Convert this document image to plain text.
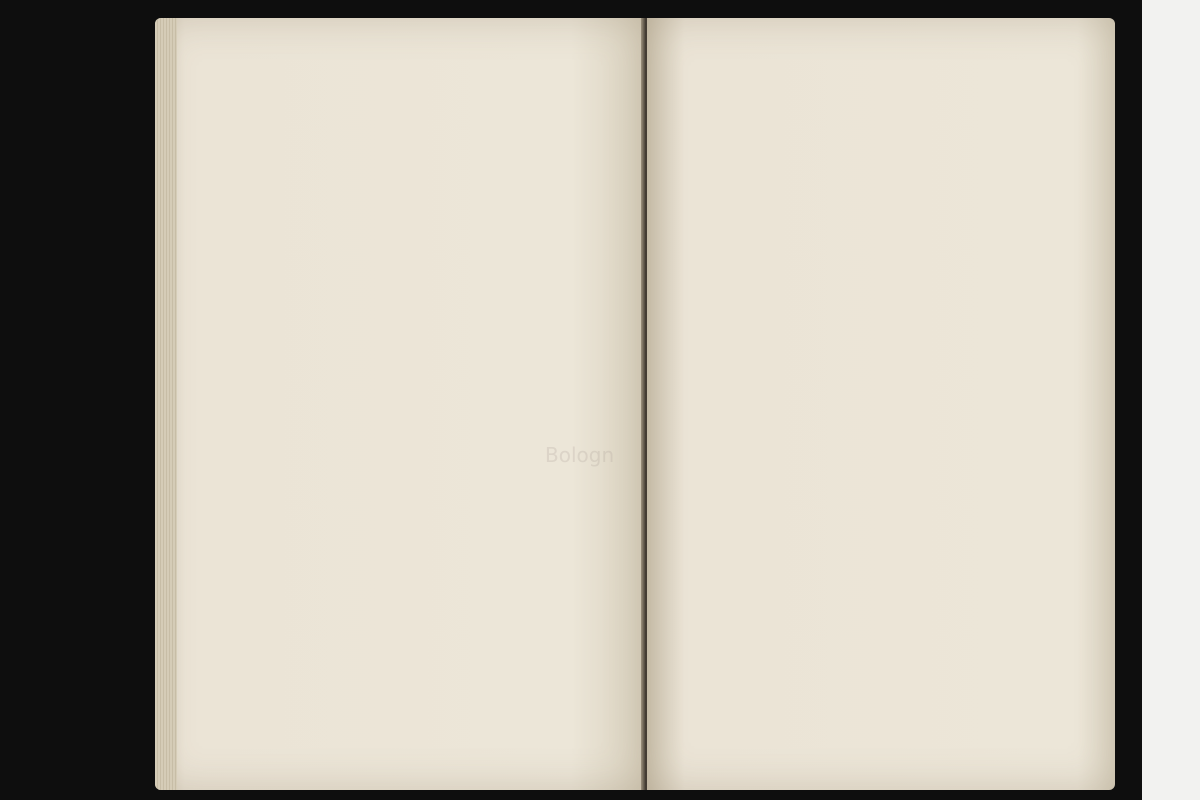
Bologn
